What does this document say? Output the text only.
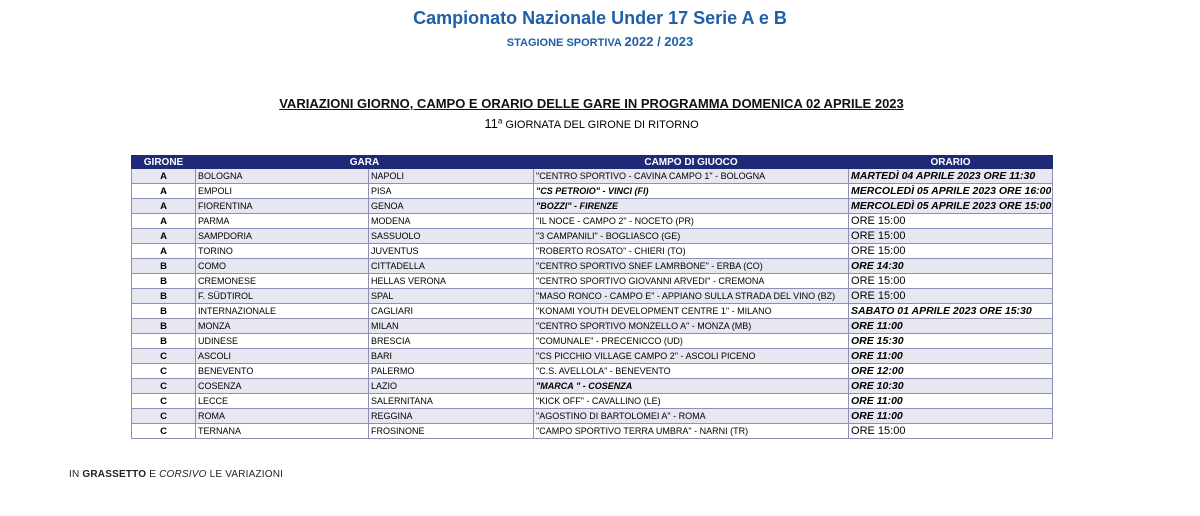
Campionato Nazionale Under 17 Serie A e B
STAGIONE SPORTIVA 2022 / 2023
VARIAZIONI GIORNO, CAMPO E ORARIO DELLE GARE IN PROGRAMMA DOMENICA 02 APRILE 2023
11$^a$ GIORNATA DEL GIRONE DI RITORNO
GIRONE	GARA		CAMPO DI GIUOCO	ORARIO
A	BOLOGNA	NAPOLI	"CENTRO SPORTIVO - CAVINA CAMPO 1" - BOLOGNA	MARTEDÌ 04 APRILE 2023 ORE 11:30
A	EMPOLI	PISA	"CS PETROIO" - VINCI (FI)	MERCOLEDÌ 05 APRILE 2023 ORE 16:00
A	FIORENTINA	GENOA	"BOZZI" - FIRENZE	MERCOLEDÌ 05 APRILE 2023 ORE 15:00
A	PARMA	MODENA	"IL NOCE - CAMPO 2" - NOCETO (PR)	ORE 15:00
A	SAMPDORIA	SASSUOLO	"3 CAMPANILI" - BOGLIASCO (GE)	ORE 15:00
A	TORINO	JUVENTUS	"ROBERTO ROSATO" - CHIERI (TO)	ORE 15:00
B	COMO	CITTADELLA	"CENTRO SPORTIVO SNEF LAMRBONE" - ERBA (CO)	ORE 14:30
B	CREMONESE	HELLAS VERONA	"CENTRO SPORTIVO GIOVANNI ARVEDI" - CREMONA	ORE 15:00
B	F. SÜDTIROL	SPAL	"MASO RONCO - CAMPO E" - APPIANO SULLA STRADA DEL VINO (BZ)	ORE 15:00
B	INTERNAZIONALE	CAGLIARI	"KONAMI YOUTH DEVELOPMENT CENTRE 1" - MILANO	SABATO 01 APRILE 2023 ORE 15:30
B	MONZA	MILAN	"CENTRO SPORTIVO MONZELLO A" - MONZA (MB)	ORE 11:00
B	UDINESE	BRESCIA	"COMUNALE" - PRECENICCO (UD)	ORE 15:30
C	ASCOLI	BARI	"CS PICCHIO VILLAGE CAMPO 2" - ASCOLI PICENO	ORE 11:00
C	BENEVENTO	PALERMO	"C.S. AVELLOLA" - BENEVENTO	ORE 12:00
C	COSENZA	LAZIO	"MARCA " - COSENZA	ORE 10:30
C	LECCE	SALERNITANA	"KICK OFF" - CAVALLINO (LE)	ORE 11:00
C	ROMA	REGGINA	"AGOSTINO DI BARTOLOMEI A" - ROMA	ORE 11:00
C	TERNANA	FROSINONE	"CAMPO SPORTIVO TERRA UMBRA" - NARNI (TR)	ORE 15:00
IN GRASSETTO E CORSIVO LE VARIAZIONI
